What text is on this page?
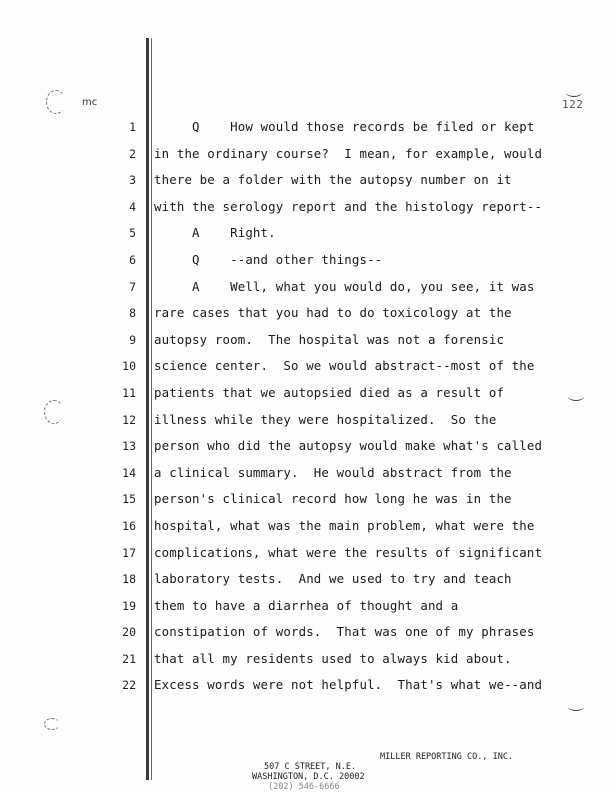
mc	122
1 Q    How would those records be filed or kept
2 in the ordinary course?  I mean, for example, would
3 there be a folder with the autopsy number on it
4 with the serology report and the histology report--
5 A    Right.
6 Q    --and other things--
7 A    Well, what you would do, you see, it was
8 rare cases that you had to do toxicology at the
9 autopsy room.  The hospital was not a forensic
10 science center.  So we would abstract--most of the
11 patients that we autopsied died as a result of
12 illness while they were hospitalized.  So the
13 person who did the autopsy would make what's called
14 a clinical summary.  He would abstract from the
15 person's clinical record how long he was in the
16 hospital, what was the main problem, what were the
17 complications, what were the results of significant
18 laboratory tests.  And we used to try and teach
19 them to have a diarrhea of thought and a
20 constipation of words.  That was one of my phrases
21 that all my residents used to always kid about.
22 Excess words were not helpful.  That's what we--and
MILLER REPORTING CO., INC.
507 C STREET, N.E.
WASHINGTON, D.C. 20002
(202) 546-6666
